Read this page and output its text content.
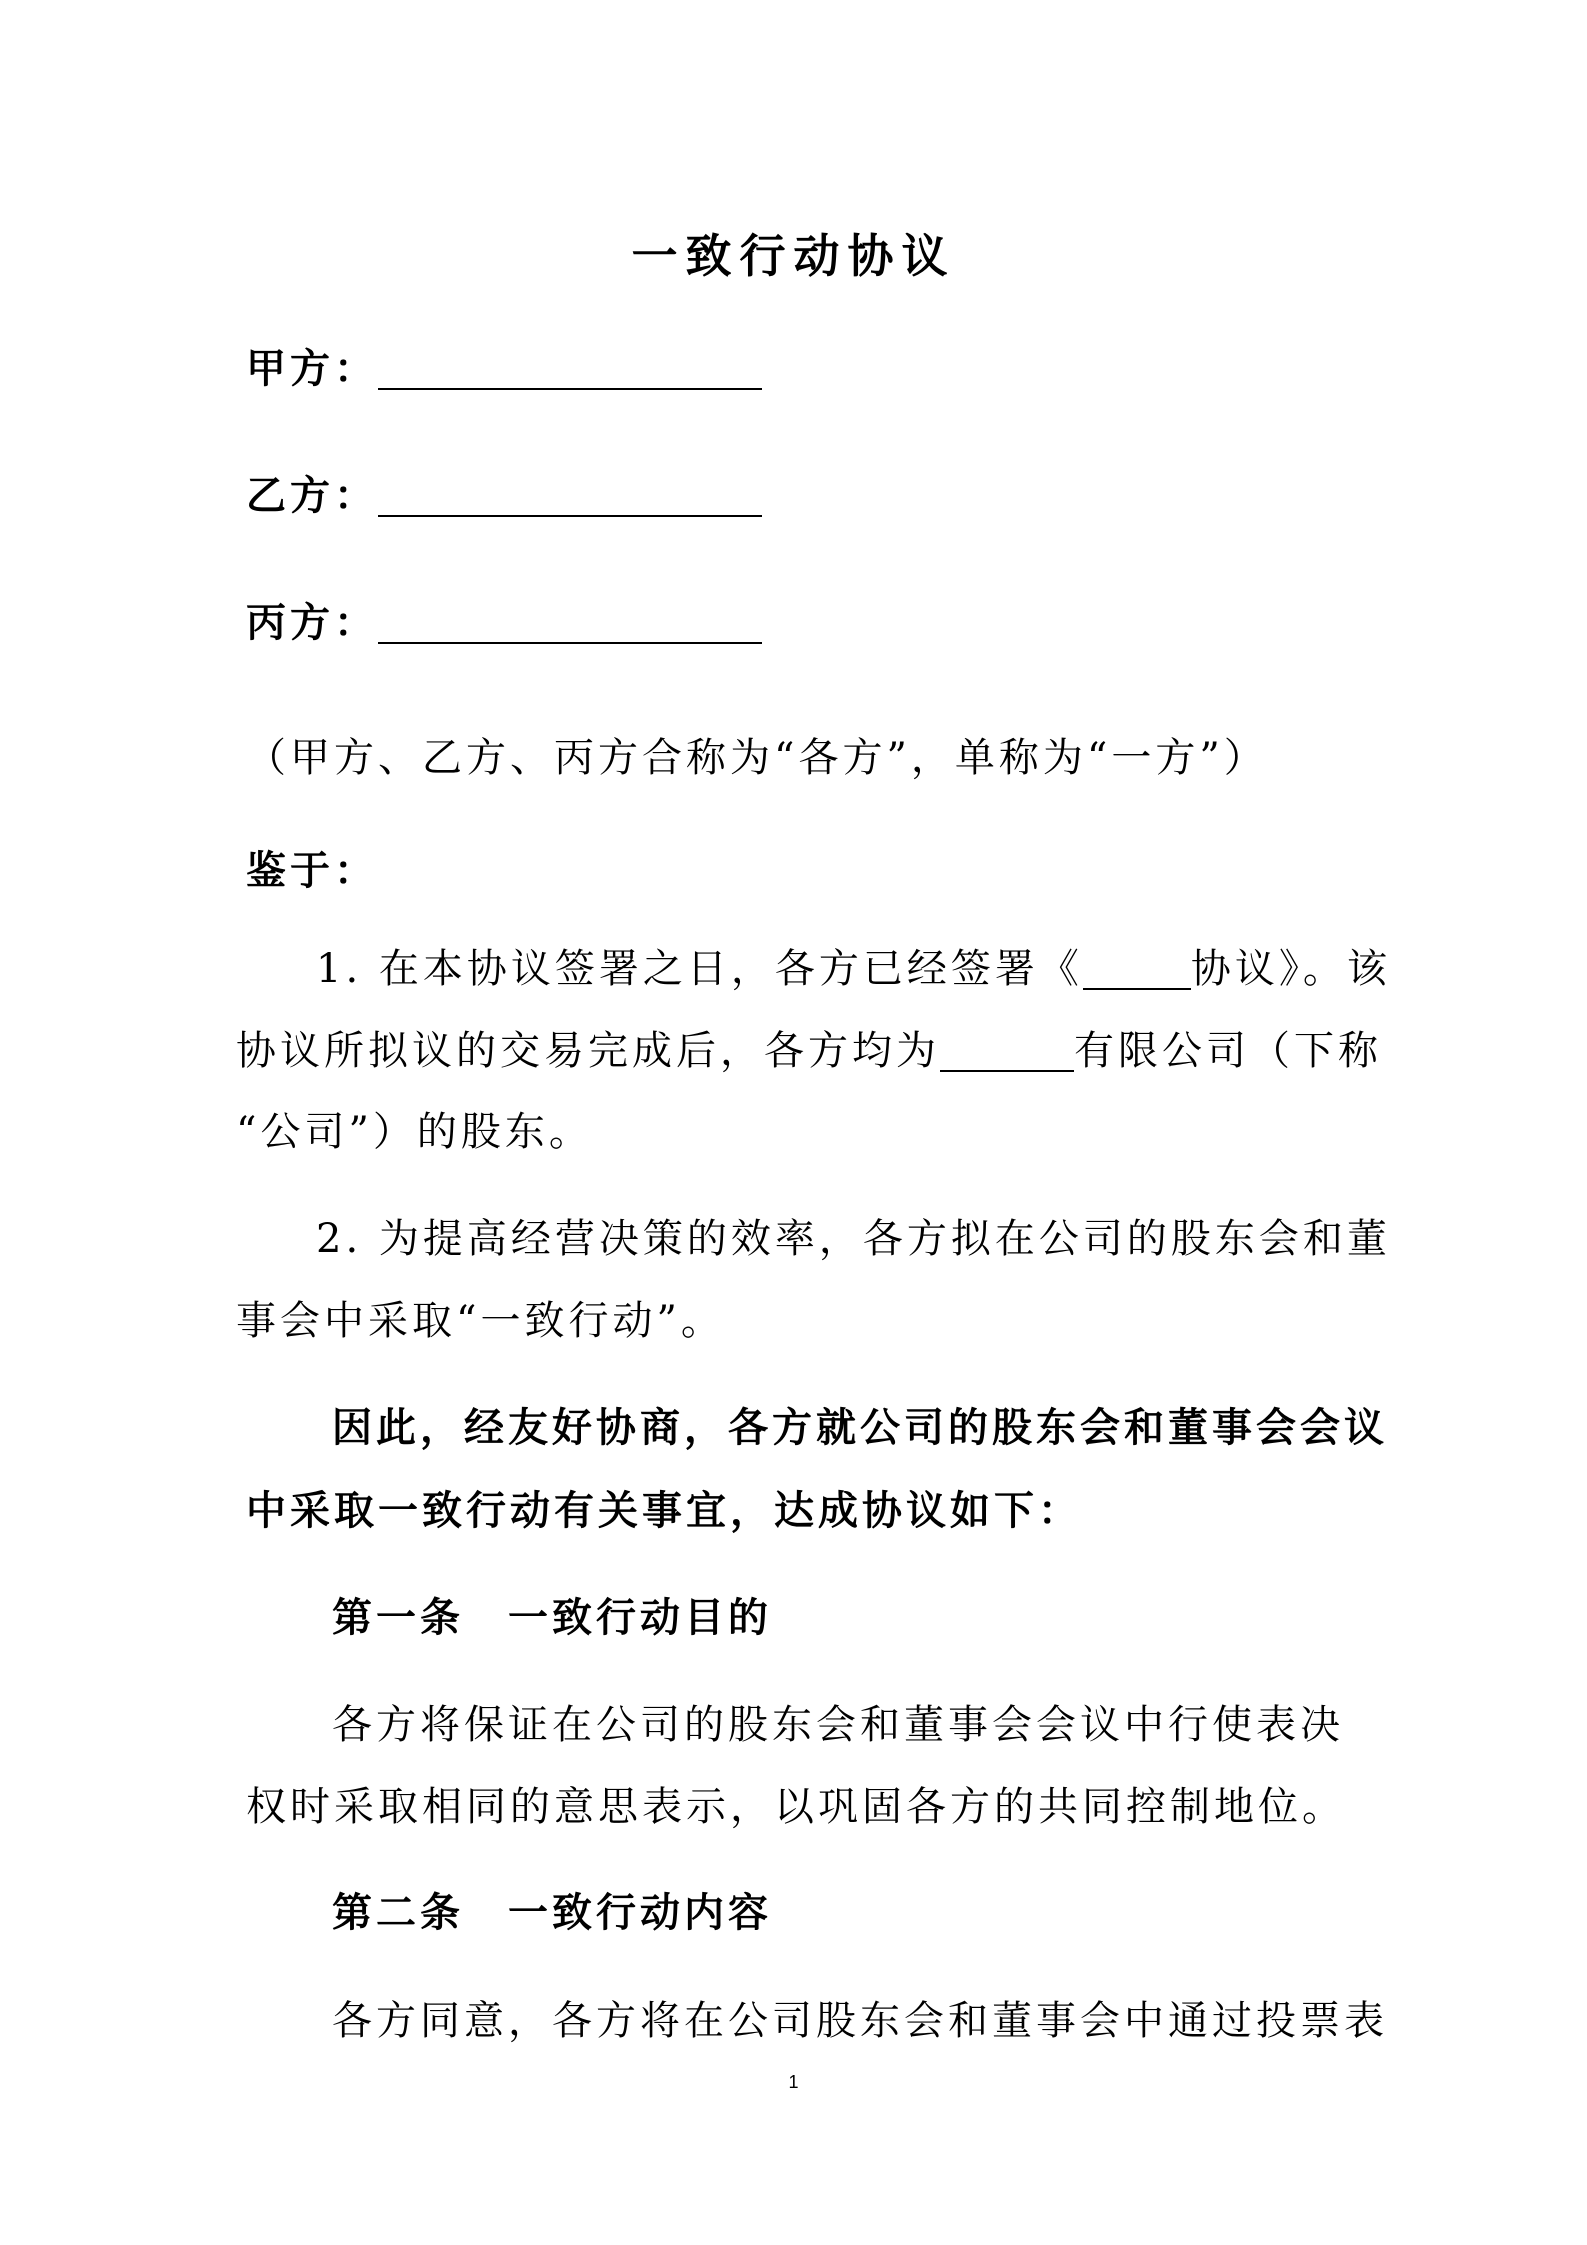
一致行动协议
甲方：
乙方：
丙方：
（甲方、乙方、丙方合称为“各方”，单称为“一方”）
鉴于：
1. 在本协议签署之日，各方已经签署《	协议》。该
协议所拟议的交易完成后，各方均为	有限公司（下称
“公司”）的股东。
2. 为提高经营决策的效率，各方拟在公司的股东会和董
事会中采取“一致行动”。
因此，经友好协商，各方就公司的股东会和董事会会议
中采取一致行动有关事宜，达成协议如下：
第一条　一致行动目的
各方将保证在公司的股东会和董事会会议中行使表决
权时采取相同的意思表示，以巩固各方的共同控制地位。
第二条　一致行动内容
各方同意，各方将在公司股东会和董事会中通过投票表
1
